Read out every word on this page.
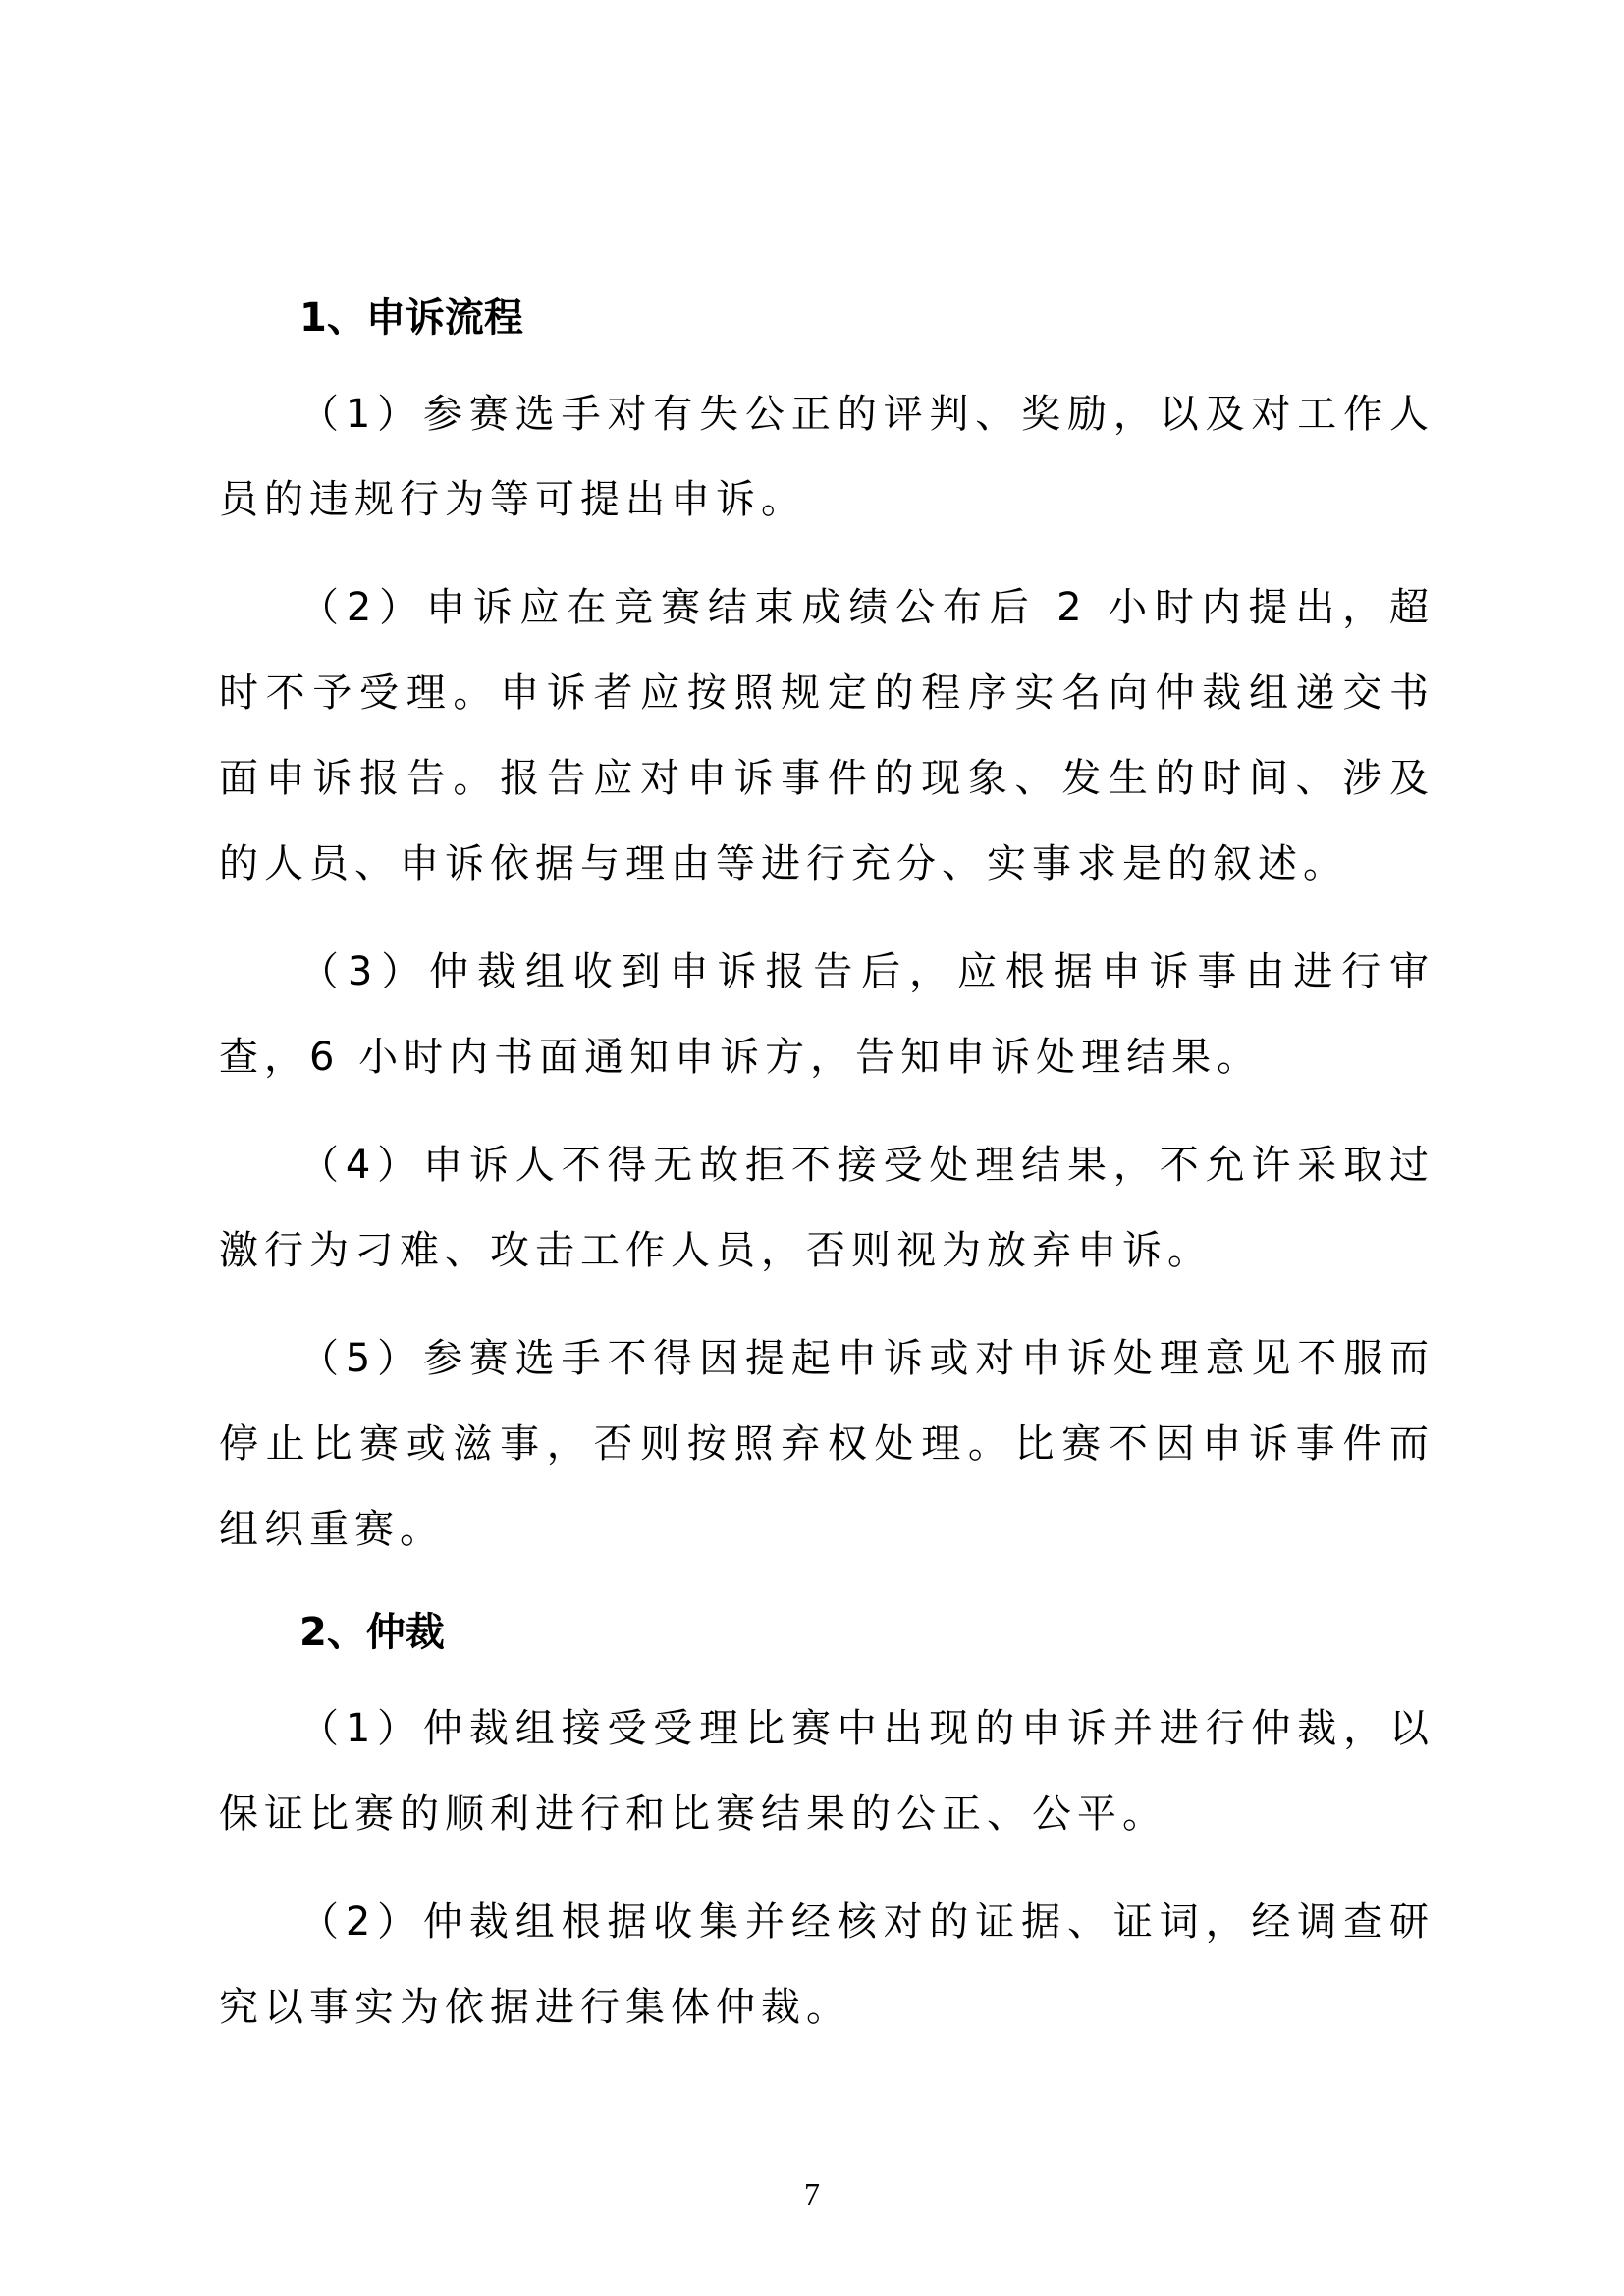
1、申诉流程

（1）参赛选手对有失公正的评判、奖励，以及对工作人员的违规行为等可提出申诉。

（2）申诉应在竞赛结束成绩公布后 2 小时内提出，超时不予受理。申诉者应按照规定的程序实名向仲裁组递交书面申诉报告。报告应对申诉事件的现象、发生的时间、涉及的人员、申诉依据与理由等进行充分、实事求是的叙述。

（3）仲裁组收到申诉报告后，应根据申诉事由进行审查，6 小时内书面通知申诉方，告知申诉处理结果。

（4）申诉人不得无故拒不接受处理结果，不允许采取过激行为刁难、攻击工作人员，否则视为放弃申诉。

（5）参赛选手不得因提起申诉或对申诉处理意见不服而停止比赛或滋事，否则按照弃权处理。比赛不因申诉事件而组织重赛。

2、仲裁

（1）仲裁组接受受理比赛中出现的申诉并进行仲裁，以保证比赛的顺利进行和比赛结果的公正、公平。

（2）仲裁组根据收集并经核对的证据、证词，经调查研究以事实为依据进行集体仲裁。

7
